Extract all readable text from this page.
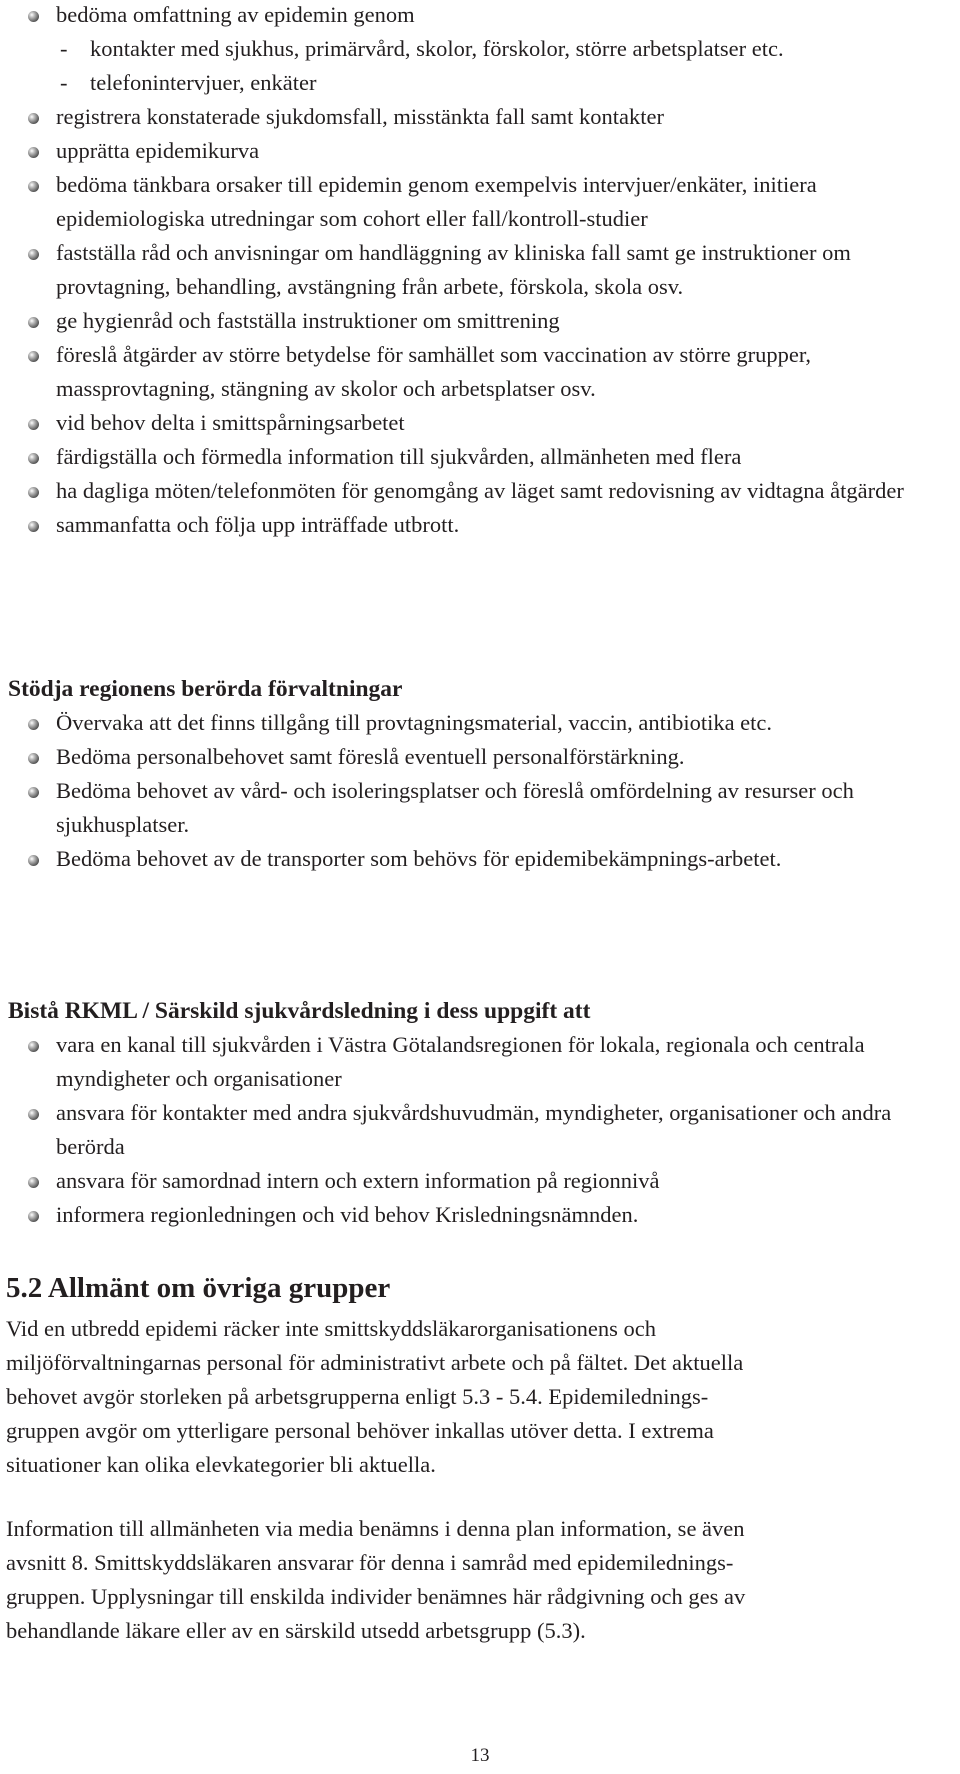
bedöma omfattning av epidemin genom
- kontakter med sjukhus, primärvård, skolor, förskolor, större arbetsplatser etc.
- telefonintervjuer, enkäter
registrera konstaterade sjukdomsfall, misstänkta fall samt kontakter
upprätta epidemikurva
bedöma tänkbara orsaker till epidemin genom exempelvis intervjuer/enkäter, initiera epidemiologiska utredningar som cohort eller fall/kontroll-studier
fastställa råd och anvisningar om handläggning av kliniska fall samt ge instruktioner om provtagning, behandling, avstängning från arbete, förskola, skola osv.
ge hygienråd och fastställa instruktioner om smittrening
föreslå åtgärder av större betydelse för samhället som vaccination av större grupper, massprovtagning, stängning av skolor och arbetsplatser osv.
vid behov delta i smittspårningsarbetet
färdigställa och förmedla information till sjukvården, allmänheten med flera
ha dagliga möten/telefonmöten för genomgång av läget samt redovisning av vidtagna åtgärder
sammanfatta och följa upp inträffade utbrott.
Stödja regionens berörda förvaltningar
Övervaka att det finns tillgång till provtagningsmaterial, vaccin, antibiotika etc.
Bedöma personalbehovet samt föreslå eventuell personalförstärkning.
Bedöma behovet av vård- och isoleringsplatser och föreslå omfördelning av resurser och sjukhusplatser.
Bedöma behovet av de transporter som behövs för epidemibekämpnings-arbetet.
Bistå RKML / Särskild sjukvårdsledning i dess uppgift att
vara en kanal till sjukvården i Västra Götalandsregionen för lokala, regionala och centrala myndigheter och organisationer
ansvara för kontakter med andra sjukvårdshuvudmän, myndigheter, organisationer och andra berörda
ansvara för samordnad intern och extern information på regionnivå
informera regionledningen och vid behov Krisledningsnämnden.
5.2 Allmänt om övriga grupper

Vid en utbredd epidemi räcker inte smittskyddsläkarorganisationens och
miljöförvaltningarnas personal för administrativt arbete och på fältet. Det aktuella
behovet avgör storleken på arbetsgrupperna enligt 5.3 - 5.4. Epidemilednings-
gruppen avgör om ytterligare personal behöver inkallas utöver detta. I extrema
situationer kan olika elevkategorier bli aktuella.

Information till allmänheten via media benämns i denna plan information, se även
avsnitt 8. Smittskyddsläkaren ansvarar för denna i samråd med epidemilednings-
gruppen. Upplysningar till enskilda individer benämnes här rådgivning och ges av
behandlande läkare eller av en särskild utsedd arbetsgrupp (5.3).

13
